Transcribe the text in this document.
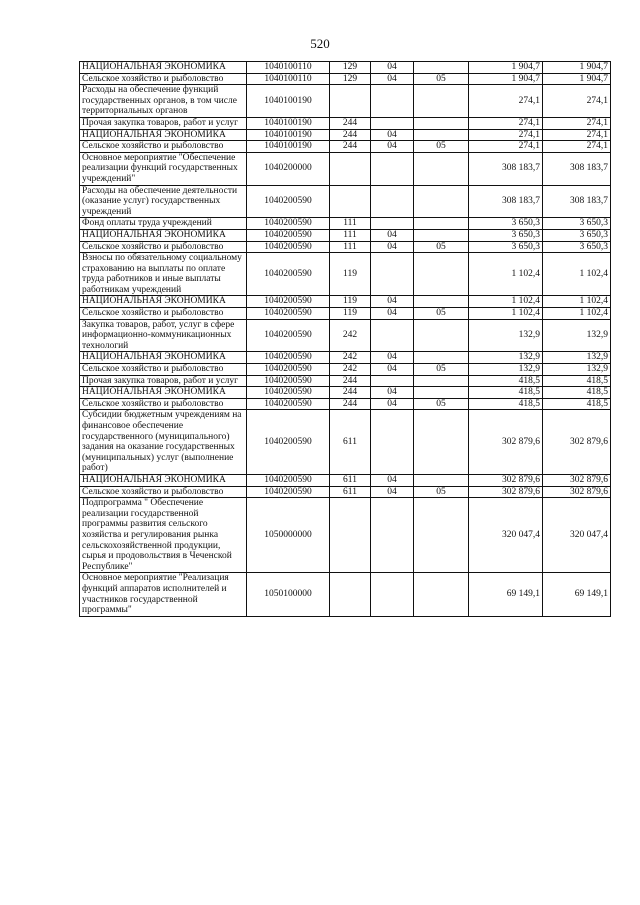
520
НАЦИОНАЛЬНАЯ ЭКОНОМИКА	1040100110	129	04		1 904,7	1 904,7
Сельское хозяйство и рыболовство	1040100110	129	04	05	1 904,7	1 904,7
Расходы на обеспечение функций государственных органов, в том числе территориальных органов	1040100190				274,1	274,1
Прочая закупка товаров, работ и услуг	1040100190	244			274,1	274,1
НАЦИОНАЛЬНАЯ ЭКОНОМИКА	1040100190	244	04		274,1	274,1
Сельское хозяйство и рыболовство	1040100190	244	04	05	274,1	274,1
Основное мероприятие "Обеспечение реализации функций государственных учреждений"	1040200000				308 183,7	308 183,7
Расходы на обеспечение деятельности (оказание услуг) государственных учреждений	1040200590				308 183,7	308 183,7
Фонд оплаты труда учреждений	1040200590	111			3 650,3	3 650,3
НАЦИОНАЛЬНАЯ ЭКОНОМИКА	1040200590	111	04		3 650,3	3 650,3
Сельское хозяйство и рыболовство	1040200590	111	04	05	3 650,3	3 650,3
Взносы по обязательному социальному страхованию на выплаты по оплате труда работников и иные выплаты работникам учреждений	1040200590	119			1 102,4	1 102,4
НАЦИОНАЛЬНАЯ ЭКОНОМИКА	1040200590	119	04		1 102,4	1 102,4
Сельское хозяйство и рыболовство	1040200590	119	04	05	1 102,4	1 102,4
Закупка товаров, работ, услуг в сфере информационно-коммуникационных технологий	1040200590	242			132,9	132,9
НАЦИОНАЛЬНАЯ ЭКОНОМИКА	1040200590	242	04		132,9	132,9
Сельское хозяйство и рыболовство	1040200590	242	04	05	132,9	132,9
Прочая закупка товаров, работ и услуг	1040200590	244			418,5	418,5
НАЦИОНАЛЬНАЯ ЭКОНОМИКА	1040200590	244	04		418,5	418,5
Сельское хозяйство и рыболовство	1040200590	244	04	05	418,5	418,5
Субсидии бюджетным учреждениям на финансовое обеспечение государственного (муниципального) задания на оказание государственных (муниципальных) услуг (выполнение работ)	1040200590	611			302 879,6	302 879,6
НАЦИОНАЛЬНАЯ ЭКОНОМИКА	1040200590	611	04		302 879,6	302 879,6
Сельское хозяйство и рыболовство	1040200590	611	04	05	302 879,6	302 879,6
Подпрограмма " Обеспечение реализации государственной программы развития сельского хозяйства и регулирования рынка сельскохозяйственной продукции, сырья и продовольствия в Чеченской Республике"	1050000000				320 047,4	320 047,4
Основное мероприятие "Реализация функций аппаратов исполнителей и участников государственной программы"	1050100000				69 149,1	69 149,1
